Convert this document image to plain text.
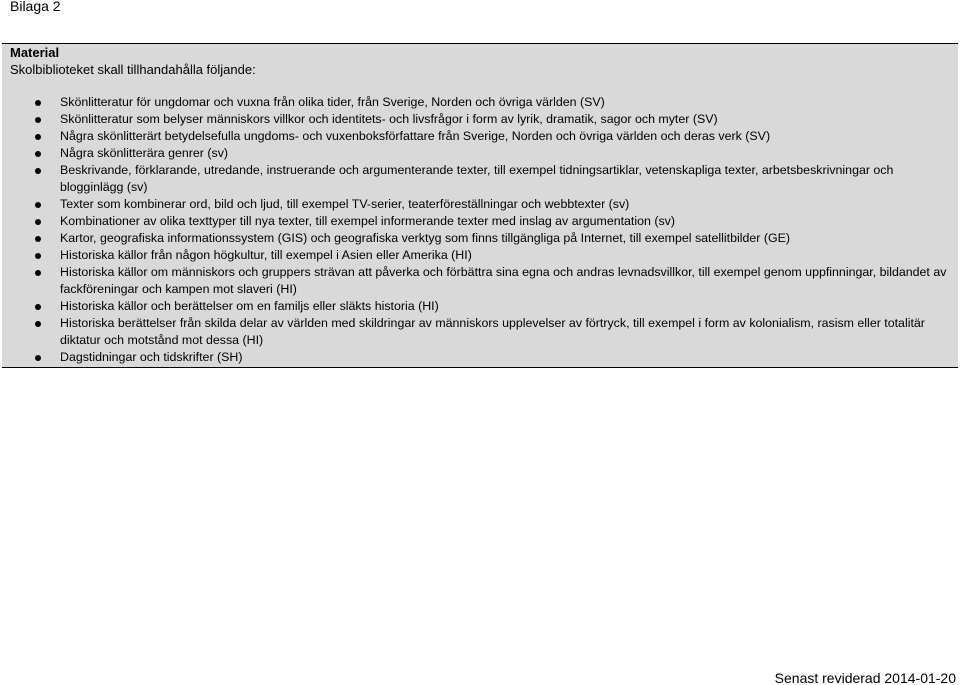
Bilaga 2
Material
Skolbiblioteket skall tillhandahålla följande:
Skönlitteratur för ungdomar och vuxna från olika tider, från Sverige, Norden och övriga världen (SV)
Skönlitteratur som belyser människors villkor och identitets- och livsfrågor i form av lyrik, dramatik, sagor och myter (SV)
Några skönlitterärt betydelsefulla ungdoms- och vuxenboksförfattare från Sverige, Norden och övriga världen och deras verk (SV)
Några skönlitterära genrer (sv)
Beskrivande, förklarande, utredande, instruerande och argumenterande texter, till exempel tidningsartiklar, vetenskapliga texter, arbetsbeskrivningar och blogginlägg (sv)
Texter som kombinerar ord, bild och ljud, till exempel TV-serier, teaterföreställningar och webbtexter (sv)
Kombinationer av olika texttyper till nya texter, till exempel informerande texter med inslag av argumentation (sv)
Kartor, geografiska informationssystem (GIS) och geografiska verktyg som finns tillgängliga på Internet, till exempel satellitbilder (GE)
Historiska källor från någon högkultur, till exempel i Asien eller Amerika (HI)
Historiska källor om människors och gruppers strävan att påverka och förbättra sina egna och andras levnadsvillkor, till exempel genom uppfinningar, bildandet av fackföreningar och kampen mot slaveri (HI)
Historiska källor och berättelser om en familjs eller släkts historia (HI)
Historiska berättelser från skilda delar av världen med skildringar av människors upplevelser av förtryck, till exempel i form av kolonialism, rasism eller totalitär diktatur och motstånd mot dessa (HI)
Dagstidningar och tidskrifter (SH)
Senast reviderad 2014-01-20
